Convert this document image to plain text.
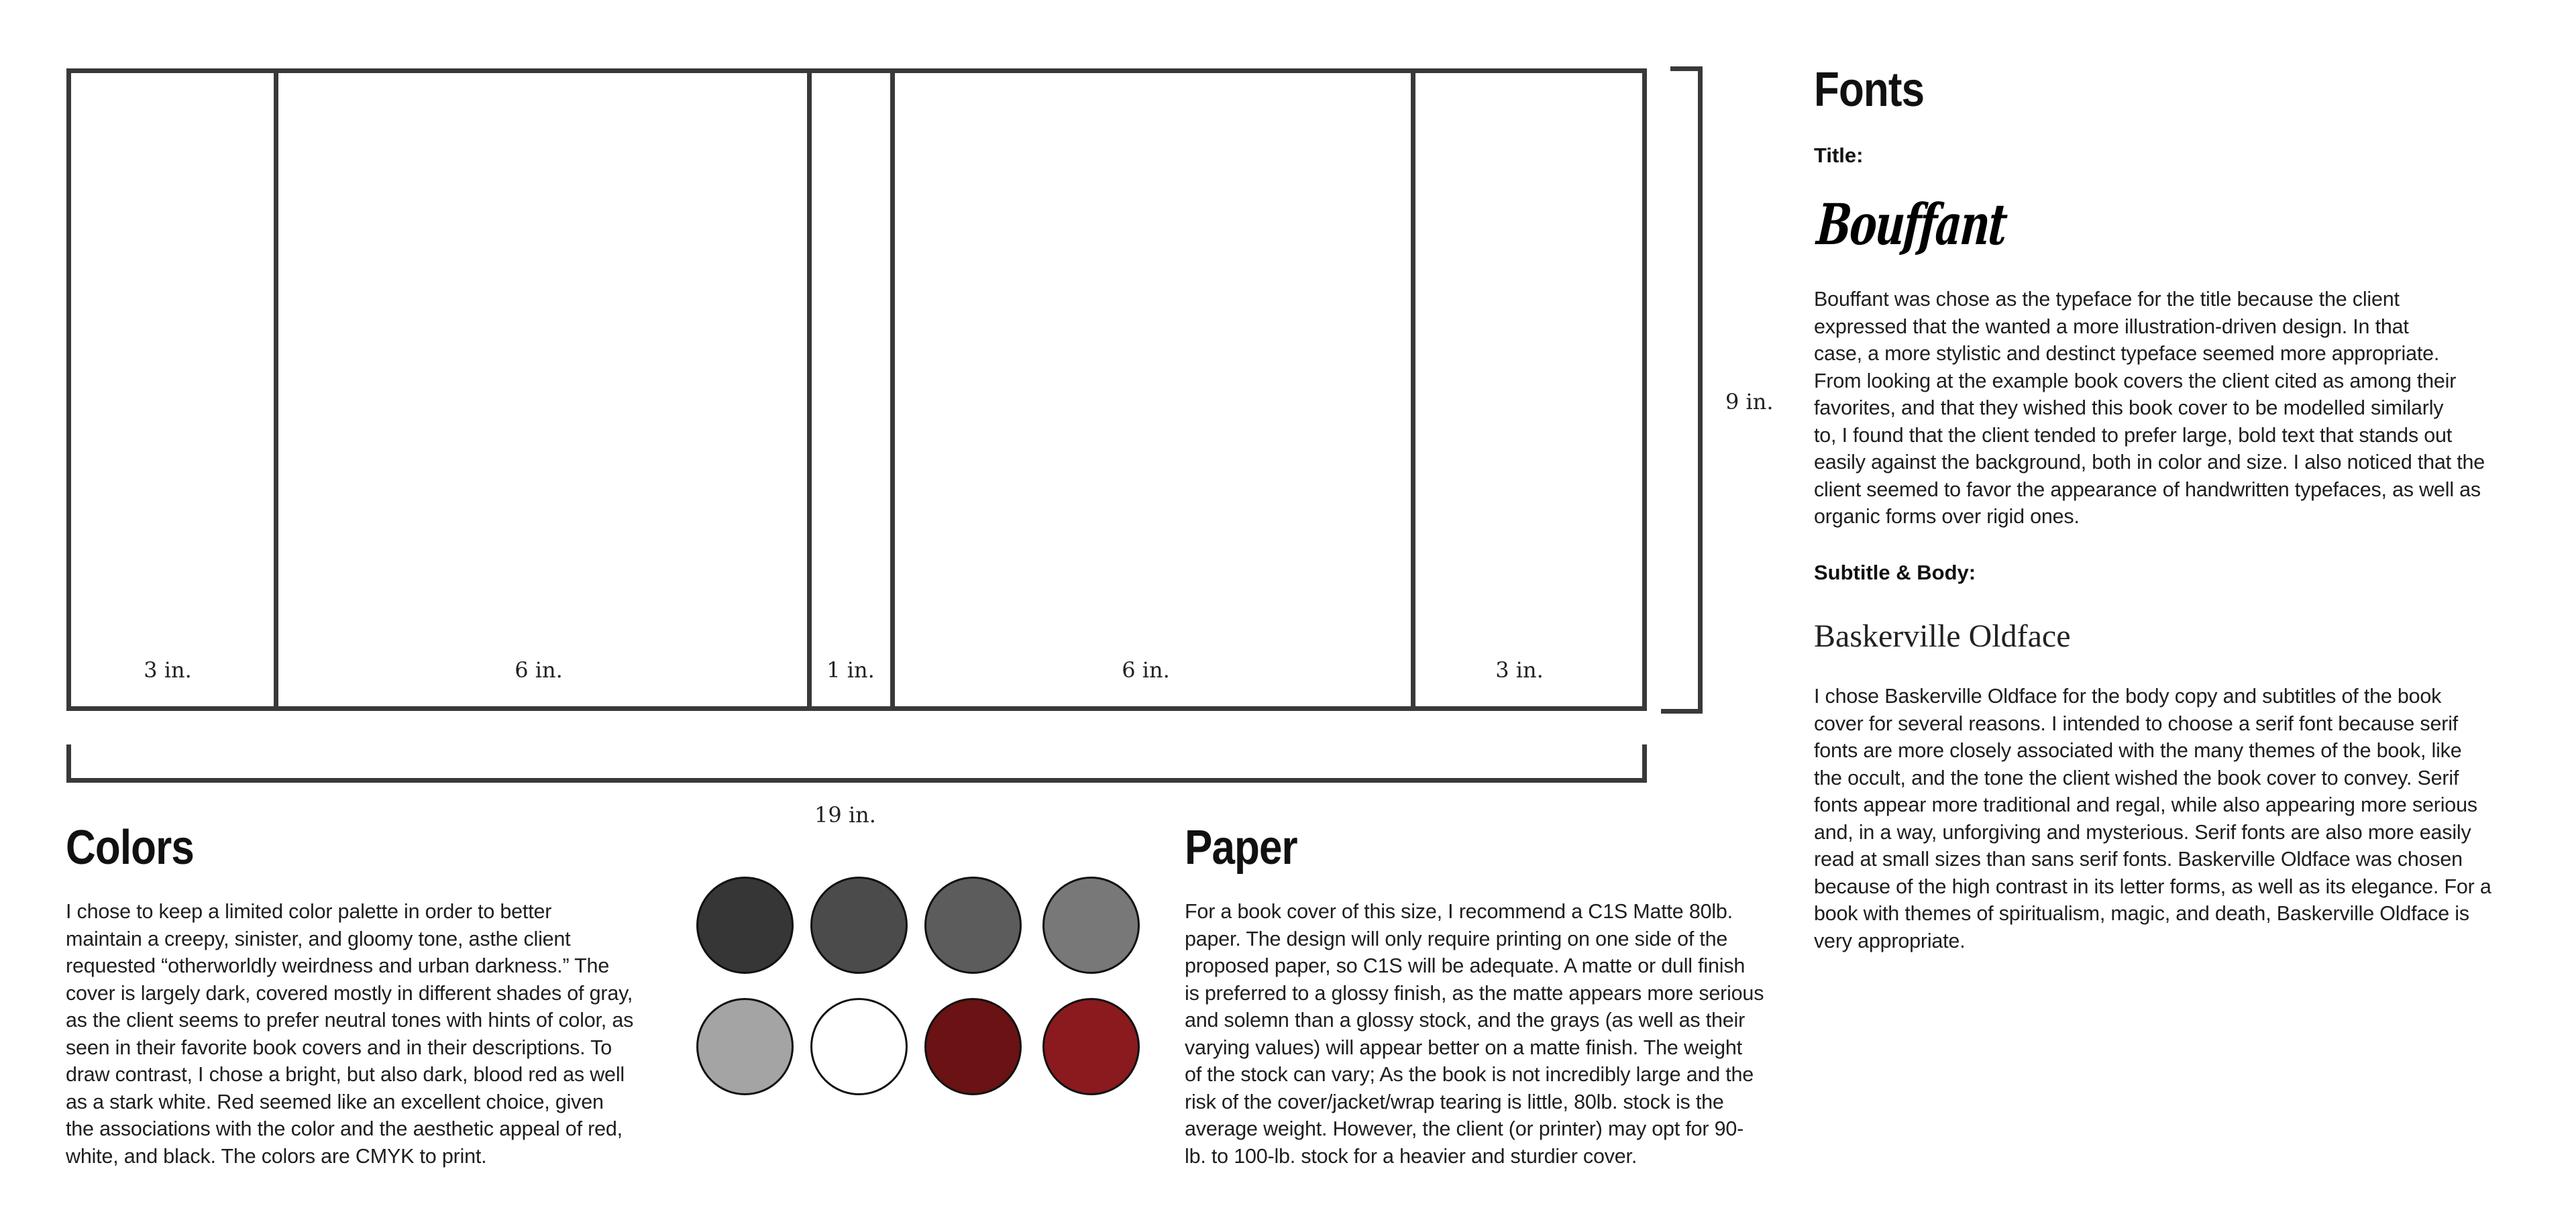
3 in.	6 in.	1 in.	6 in.	3 in.
9 in.
19 in.
Fonts
Title:
Bouffant
Bouffant was chose as the typeface for the title because the client
expressed that the wanted a more illustration-driven design. In that
case, a more stylistic and destinct typeface seemed more appropriate.
From looking at the example book covers the client cited as among their
favorites, and that they wished this book cover to be modelled similarly
to, I found that the client tended to prefer large, bold text that stands out
easily against the background, both in color and size. I also noticed that the
client seemed to favor the appearance of handwritten typefaces, as well as
organic forms over rigid ones.
Subtitle & Body:
Baskerville Oldface
I chose Baskerville Oldface for the body copy and subtitles of the book
cover for several reasons. I intended to choose a serif font because serif
fonts are more closely associated with the many themes of the book, like
the occult, and the tone the client wished the book cover to convey. Serif
fonts appear more traditional and regal, while also appearing more serious
and, in a way, unforgiving and mysterious. Serif fonts are also more easily
read at small sizes than sans serif fonts. Baskerville Oldface was chosen
because of the high contrast in its letter forms, as well as its elegance. For a
book with themes of spiritualism, magic, and death, Baskerville Oldface is
very appropriate.
Colors
I chose to keep a limited color palette in order to better
maintain a creepy, sinister, and gloomy tone, asthe client
requested “otherworldly weirdness and urban darkness.” The
cover is largely dark, covered mostly in different shades of gray,
as the client seems to prefer neutral tones with hints of color, as
seen in their favorite book covers and in their descriptions. To
draw contrast, I chose a bright, but also dark, blood red as well
as a stark white. Red seemed like an excellent choice, given
the associations with the color and the aesthetic appeal of red,
white, and black. The colors are CMYK to print.
Paper
For a book cover of this size, I recommend a C1S Matte 80lb.
paper. The design will only require printing on one side of the
proposed paper, so C1S will be adequate. A matte or dull finish
is preferred to a glossy finish, as the matte appears more serious
and solemn than a glossy stock, and the grays (as well as their
varying values) will appear better on a matte finish. The weight
of the stock can vary; As the book is not incredibly large and the
risk of the cover/jacket/wrap tearing is little, 80lb. stock is the
average weight. However, the client (or printer) may opt for 90-
lb. to 100-lb. stock for a heavier and sturdier cover.
